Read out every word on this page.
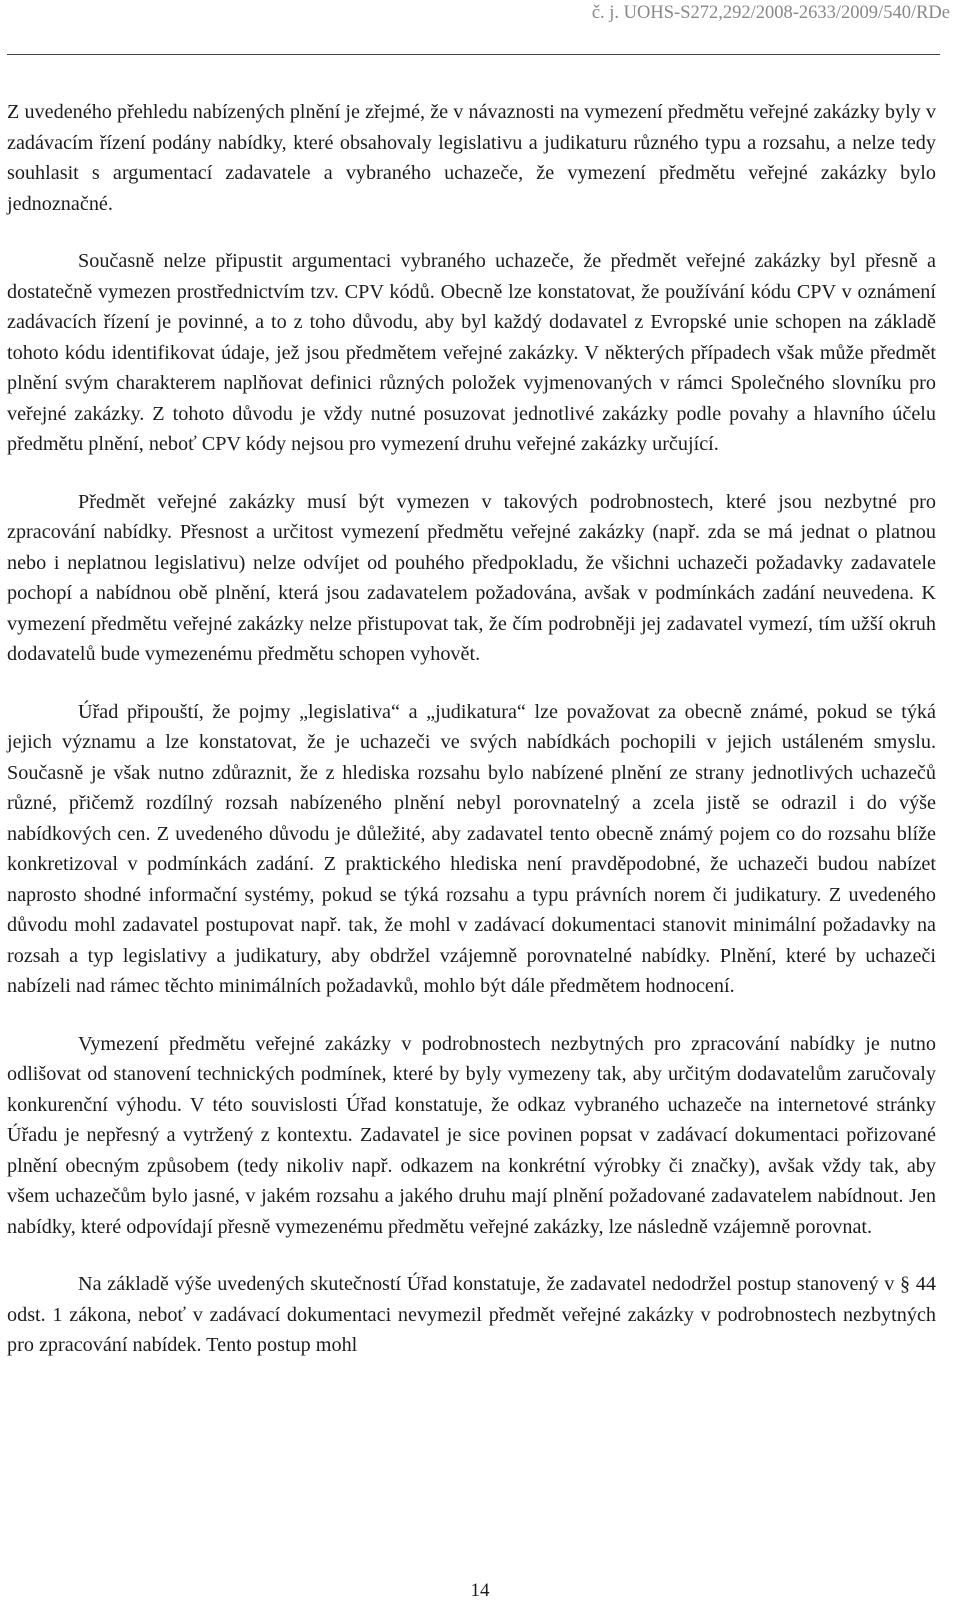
č. j. UOHS-S272,292/2008-2633/2009/540/RDe

Z uvedeného přehledu nabízených plnění je zřejmé, že v návaznosti na vymezení předmětu veřejné zakázky byly v zadávacím řízení podány nabídky, které obsahovaly legislativu a judikaturu různého typu a rozsahu, a nelze tedy souhlasit s argumentací zadavatele a vybraného uchazeče, že vymezení předmětu veřejné zakázky bylo jednoznačné.

Současně nelze připustit argumentaci vybraného uchazeče, že předmět veřejné zakázky byl přesně a dostatečně vymezen prostřednictvím tzv. CPV kódů. Obecně lze konstatovat, že používání kódu CPV v oznámení zadávacích řízení je povinné, a to z toho důvodu, aby byl každý dodavatel z Evropské unie schopen na základě tohoto kódu identifikovat údaje, jež jsou předmětem veřejné zakázky. V některých případech však může předmět plnění svým charakterem naplňovat definici různých položek vyjmenovaných v rámci Společného slovníku pro veřejné zakázky. Z tohoto důvodu je vždy nutné posuzovat jednotlivé zakázky podle povahy a hlavního účelu předmětu plnění, neboť CPV kódy nejsou pro vymezení druhu veřejné zakázky určující.

Předmět veřejné zakázky musí být vymezen v takových podrobnostech, které jsou nezbytné pro zpracování nabídky. Přesnost a určitost vymezení předmětu veřejné zakázky (např. zda se má jednat o platnou nebo i neplatnou legislativu) nelze odvíjet od pouhého předpokladu, že všichni uchazeči požadavky zadavatele pochopí a nabídnou obě plnění, která jsou zadavatelem požadována, avšak v podmínkách zadání neuvedena. K vymezení předmětu veřejné zakázky nelze přistupovat tak, že čím podrobněji jej zadavatel vymezí, tím užší okruh dodavatelů bude vymezenému předmětu schopen vyhovět.

Úřad připouští, že pojmy „legislativa“ a „judikatura“ lze považovat za obecně známé, pokud se týká jejich významu a lze konstatovat, že je uchazeči ve svých nabídkách pochopili v jejich ustáleném smyslu. Současně je však nutno zdůraznit, že z hlediska rozsahu bylo nabízené plnění ze strany jednotlivých uchazečů různé, přičemž rozdílný rozsah nabízeného plnění nebyl porovnatelný a zcela jistě se odrazil i do výše nabídkových cen. Z uvedeného důvodu je důležité, aby zadavatel tento obecně známý pojem co do rozsahu blíže konkretizoval v podmínkách zadání. Z praktického hlediska není pravděpodobné, že uchazeči budou nabízet naprosto shodné informační systémy, pokud se týká rozsahu a typu právních norem či judikatury. Z uvedeného důvodu mohl zadavatel postupovat např. tak, že mohl v zadávací dokumentaci stanovit minimální požadavky na rozsah a typ legislativy a judikatury, aby obdržel vzájemně porovnatelné nabídky. Plnění, které by uchazeči nabízeli nad rámec těchto minimálních požadavků, mohlo být dále předmětem hodnocení.

Vymezení předmětu veřejné zakázky v podrobnostech nezbytných pro zpracování nabídky je nutno odlišovat od stanovení technických podmínek, které by byly vymezeny tak, aby určitým dodavatelům zaručovaly konkurenční výhodu. V této souvislosti Úřad konstatuje, že odkaz vybraného uchazeče na internetové stránky Úřadu je nepřesný a vytržený z kontextu. Zadavatel je sice povinen popsat v zadávací dokumentaci pořizované plnění obecným způsobem (tedy nikoliv např. odkazem na konkrétní výrobky či značky), avšak vždy tak, aby všem uchazečům bylo jasné, v jakém rozsahu a jakého druhu mají plnění požadované zadavatelem nabídnout. Jen nabídky, které odpovídají přesně vymezenému předmětu veřejné zakázky, lze následně vzájemně porovnat.

Na základě výše uvedených skutečností Úřad konstatuje, že zadavatel nedodržel postup stanovený v § 44 odst. 1 zákona, neboť v zadávací dokumentaci nevymezil předmět veřejné zakázky v podrobnostech nezbytných pro zpracování nabídek. Tento postup mohl

14
